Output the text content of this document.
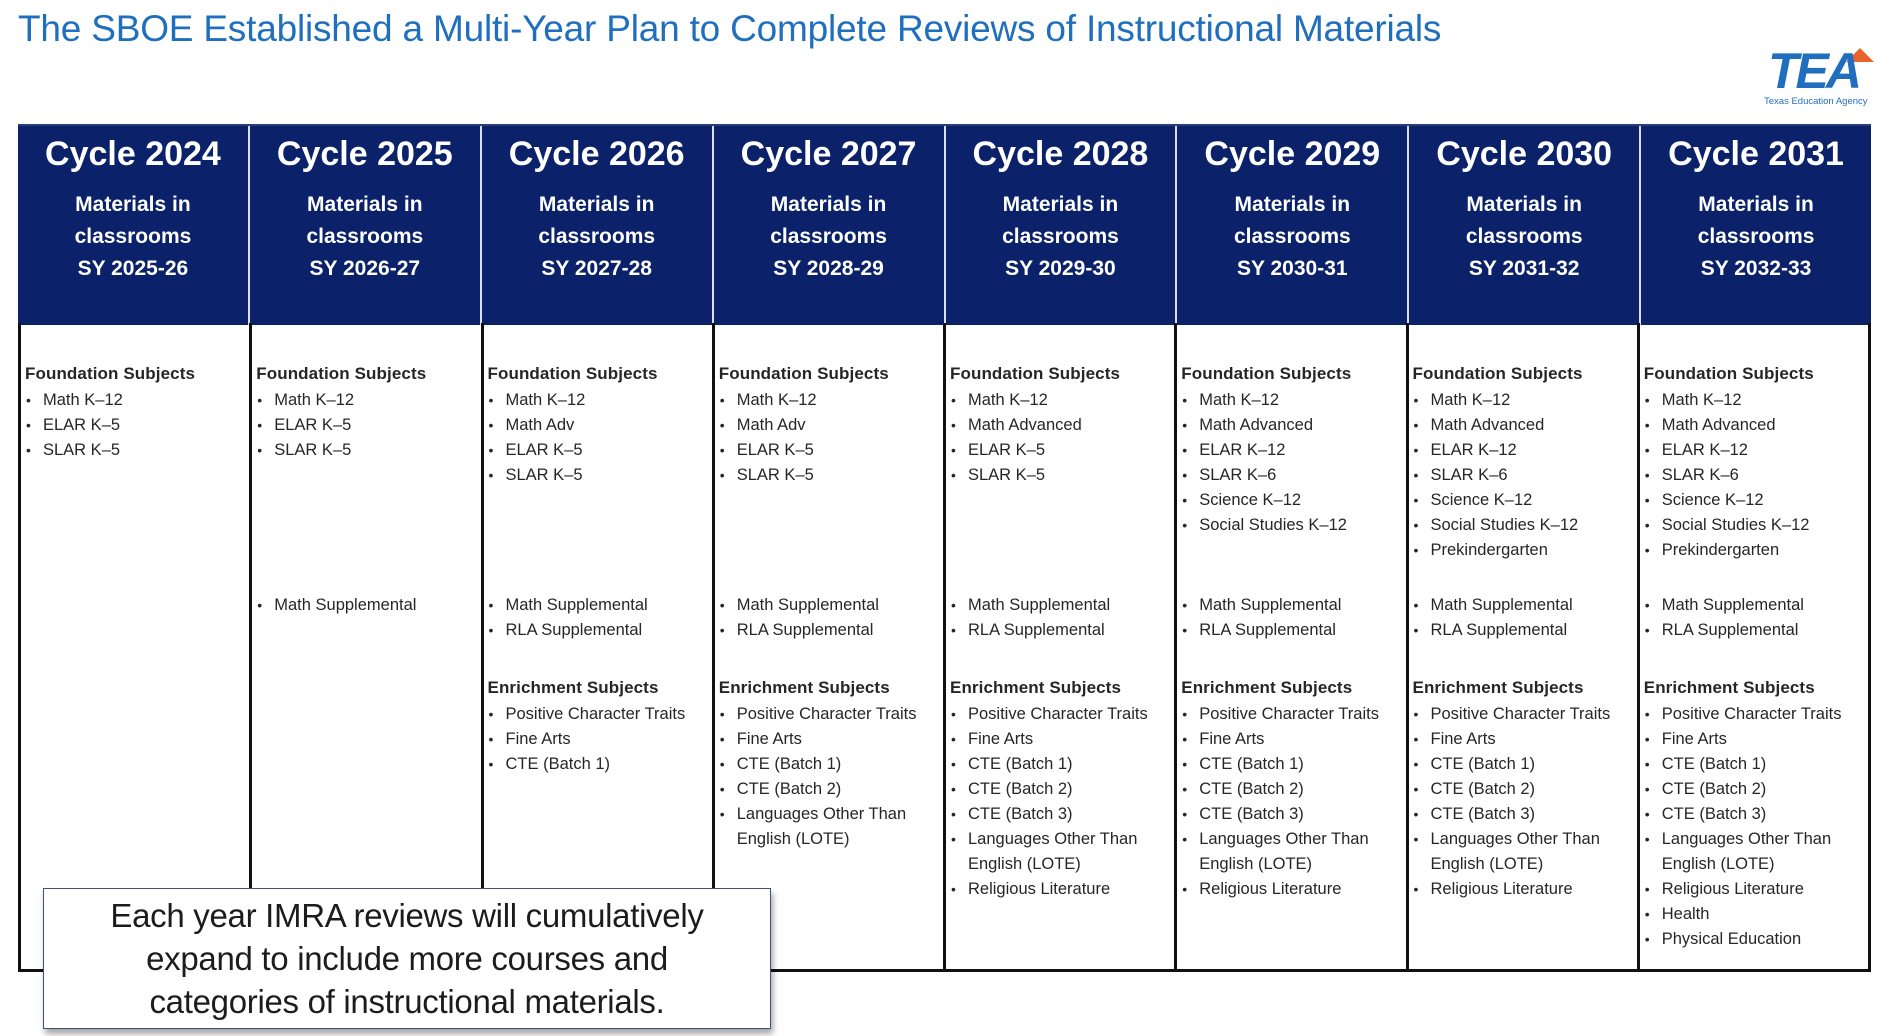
The SBOE Established a Multi-Year Plan to Complete Reviews of Instructional Materials
TEA
Texas Education Agency
Cycle 2024
Materials in
classrooms
SY 2025-26
Cycle 2025
Materials in
classrooms
SY 2026-27
Cycle 2026
Materials in
classrooms
SY 2027-28
Cycle 2027
Materials in
classrooms
SY 2028-29
Cycle 2028
Materials in
classrooms
SY 2029-30
Cycle 2029
Materials in
classrooms
SY 2030-31
Cycle 2030
Materials in
classrooms
SY 2031-32
Cycle 2031
Materials in
classrooms
SY 2032-33
Foundation Subjects
• Math K–12
• ELAR K–5
• SLAR K–5
Foundation Subjects
• Math K–12
• ELAR K–5
• SLAR K–5
• Math Supplemental
Foundation Subjects
• Math K–12
• Math Adv
• ELAR K–5
• SLAR K–5
• Math Supplemental
• RLA Supplemental
Enrichment Subjects
• Positive Character Traits
• Fine Arts
• CTE (Batch 1)
Foundation Subjects
• Math K–12
• Math Adv
• ELAR K–5
• SLAR K–5
• Math Supplemental
• RLA Supplemental
Enrichment Subjects
• Positive Character Traits
• Fine Arts
• CTE (Batch 1)
• CTE (Batch 2)
• Languages Other Than English (LOTE)
Foundation Subjects
• Math K–12
• Math Advanced
• ELAR K–5
• SLAR K–5
• Math Supplemental
• RLA Supplemental
Enrichment Subjects
• Positive Character Traits
• Fine Arts
• CTE (Batch 1)
• CTE (Batch 2)
• CTE (Batch 3)
• Languages Other Than English (LOTE)
• Religious Literature
Foundation Subjects
• Math K–12
• Math Advanced
• ELAR K–12
• SLAR K–6
• Science K–12
• Social Studies K–12
• Math Supplemental
• RLA Supplemental
Enrichment Subjects
• Positive Character Traits
• Fine Arts
• CTE (Batch 1)
• CTE (Batch 2)
• CTE (Batch 3)
• Languages Other Than English (LOTE)
• Religious Literature
Foundation Subjects
• Math K–12
• Math Advanced
• ELAR K–12
• SLAR K–6
• Science K–12
• Social Studies K–12
• Prekindergarten
• Math Supplemental
• RLA Supplemental
Enrichment Subjects
• Positive Character Traits
• Fine Arts
• CTE (Batch 1)
• CTE (Batch 2)
• CTE (Batch 3)
• Languages Other Than English (LOTE)
• Religious Literature
Foundation Subjects
• Math K–12
• Math Advanced
• ELAR K–12
• SLAR K–6
• Science K–12
• Social Studies K–12
• Prekindergarten
• Math Supplemental
• RLA Supplemental
Enrichment Subjects
• Positive Character Traits
• Fine Arts
• CTE (Batch 1)
• CTE (Batch 2)
• CTE (Batch 3)
• Languages Other Than English (LOTE)
• Religious Literature
• Health
• Physical Education
Each year IMRA reviews will cumulatively
expand to include more courses and
categories of instructional materials.
